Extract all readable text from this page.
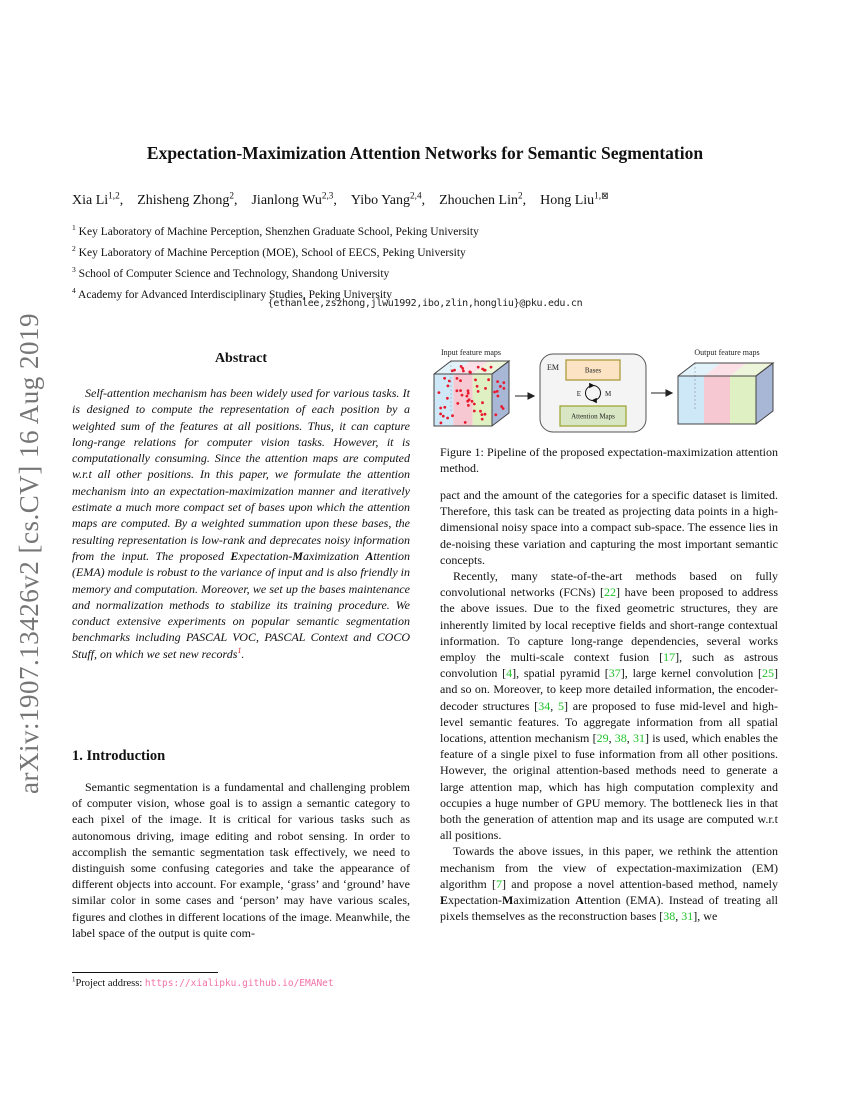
arXiv:1907.13426v2 [cs.CV] 16 Aug 2019
Expectation-Maximization Attention Networks for Semantic Segmentation

Xia Li$^{1,2}$,  Zhisheng Zhong$^2$,  Jianlong Wu$^{2,3}$,  Yibo Yang$^{2,4}$,  Zhouchen Lin$^2$,  Hong Liu$^{1,⊠}$

$^1$ Key Laboratory of Machine Perception, Shenzhen Graduate School, Peking University

$^2$ Key Laboratory of Machine Perception (MOE), School of EECS, Peking University

$^3$ School of Computer Science and Technology, Shandong University

$^4$ Academy for Advanced Interdisciplinary Studies, Peking University

{ethanlee,zszhong,jlwu1992,ibo,zlin,hongliu}@pku.edu.cn
Abstract

Self-attention mechanism has been widely used for various tasks. It is designed to compute the representation of each position by a weighted sum of the features at all positions. Thus, it can capture long-range relations for computer vision tasks. However, it is computationally consuming. Since the attention maps are computed w.r.t all other positions. In this paper, we formulate the attention mechanism into an expectation-maximization manner and iteratively estimate a much more compact set of bases upon which the attention maps are computed. By a weighted summation upon these bases, the resulting representation is low-rank and deprecates noisy information from the input. The proposed Expectation-Maximization Attention (EMA) module is robust to the variance of input and is also friendly in memory and computation. Moreover, we set up the bases maintenance and normalization methods to stabilize its training procedure. We conduct extensive experiments on popular semantic segmentation benchmarks including PASCAL VOC, PASCAL Context and COCO Stuff, on which we set new records$^1$.

1. Introduction

Semantic segmentation is a fundamental and challenging problem of computer vision, whose goal is to assign a semantic category to each pixel of the image. It is critical for various tasks such as autonomous driving, image editing and robot sensing. In order to accomplish the semantic segmentation task effectively, we need to distinguish some confusing categories and take the appearance of different objects into account. For example, ‘grass’ and ‘ground’ have similar color in some cases and ‘person’ may have various scales, figures and clothes in different locations of the image. Meanwhile, the label space of the output is quite com-

Input feature maps
EM	Bases
E	M
Attention Maps
Output feature maps
Figure 1: Pipeline of the proposed expectation-maximization attention method.

pact and the amount of the categories for a specific dataset is limited. Therefore, this task can be treated as projecting data points in a high-dimensional noisy space into a compact sub-space. The essence lies in de-noising these variation and capturing the most important semantic concepts.

Recently, many state-of-the-art methods based on fully convolutional networks (FCNs) [22] have been proposed to address the above issues. Due to the fixed geometric structures, they are inherently limited by local receptive fields and short-range contextual information. To capture long-range dependencies, several works employ the multi-scale context fusion [17], such as astrous convolution [4], spatial pyramid [37], large kernel convolution [25] and so on. Moreover, to keep more detailed information, the encoder-decoder structures [34, 5] are proposed to fuse mid-level and high-level semantic features. To aggregate information from all spatial locations, attention mechanism [29, 38, 31] is used, which enables the feature of a single pixel to fuse information from all other positions. However, the original attention-based methods need to generate a large attention map, which has high computation complexity and occupies a huge number of GPU memory. The bottleneck lies in that both the generation of attention map and its usage are computed w.r.t all positions.

Towards the above issues, in this paper, we rethink the attention mechanism from the view of expectation-maximization (EM) algorithm [7] and propose a novel attention-based method, namely Expectation-Maximization Attention (EMA). Instead of treating all pixels themselves as the reconstruction bases [38, 31], we

$^1$Project address: https://xialipku.github.io/EMANet
